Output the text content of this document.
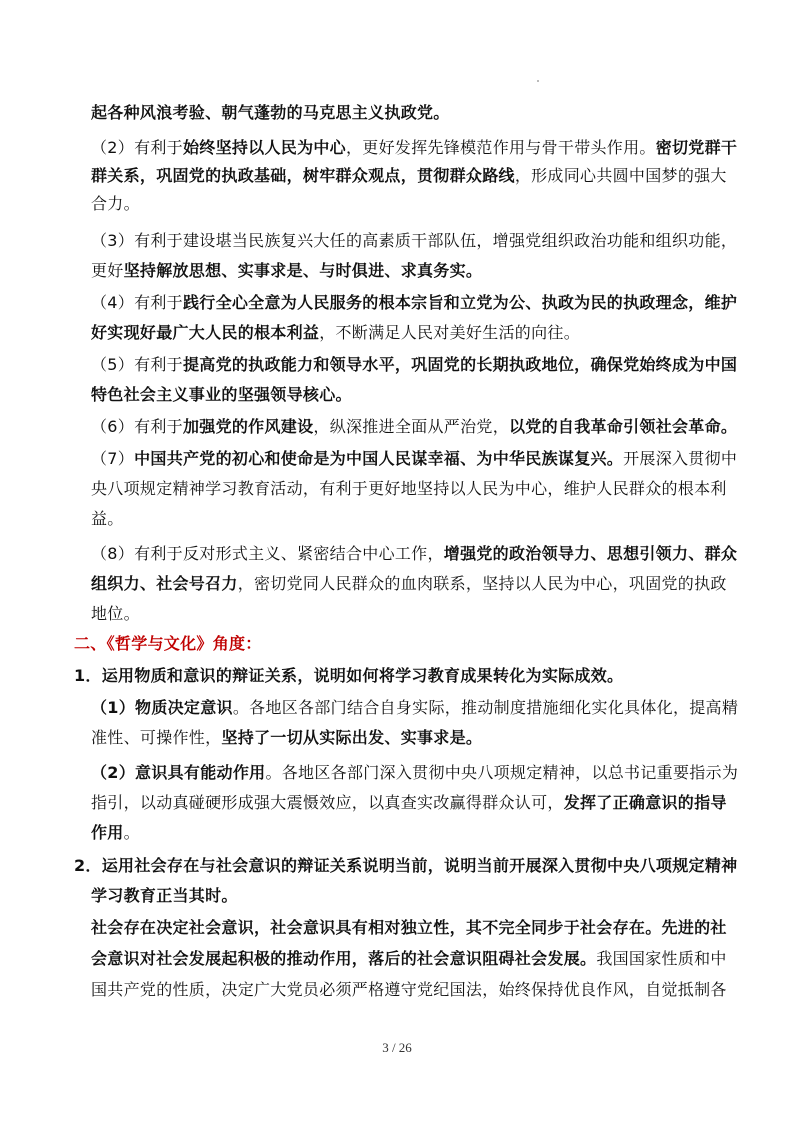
起各种风浪考验、朝气蓬勃的马克思主义执政党。
（2）有利于始终坚持以人民为中心，更好发挥先锋模范作用与骨干带头作用。密切党群干
群关系，巩固党的执政基础，树牢群众观点，贯彻群众路线，形成同心共圆中国梦的强大
合力。
（3）有利于建设堪当民族复兴大任的高素质干部队伍，增强党组织政治功能和组织功能，
更好坚持解放思想、实事求是、与时俱进、求真务实。
（4）有利于践行全心全意为人民服务的根本宗旨和立党为公、执政为民的执政理念，维护
好实现好最广大人民的根本利益，不断满足人民对美好生活的向往。
（5）有利于提高党的执政能力和领导水平，巩固党的长期执政地位，确保党始终成为中国
特色社会主义事业的坚强领导核心。
（6）有利于加强党的作风建设，纵深推进全面从严治党，以党的自我革命引领社会革命。
（7）中国共产党的初心和使命是为中国人民谋幸福、为中华民族谋复兴。开展深入贯彻中
央八项规定精神学习教育活动，有利于更好地坚持以人民为中心，维护人民群众的根本利
益。
（8）有利于反对形式主义、紧密结合中心工作，增强党的政治领导力、思想引领力、群众
组织力、社会号召力，密切党同人民群众的血肉联系，坚持以人民为中心，巩固党的执政
地位。
二、《哲学与文化》角度：
1．运用物质和意识的辩证关系，说明如何将学习教育成果转化为实际成效。
（1）物质决定意识。各地区各部门结合自身实际，推动制度措施细化实化具体化，提高精
准性、可操作性，坚持了一切从实际出发、实事求是。
（2）意识具有能动作用。各地区各部门深入贯彻中央八项规定精神，以总书记重要指示为
指引，以动真碰硬形成强大震慑效应，以真查实改赢得群众认可，发挥了正确意识的指导
作用。
2．运用社会存在与社会意识的辩证关系说明当前，说明当前开展深入贯彻中央八项规定精神
学习教育正当其时。
社会存在决定社会意识，社会意识具有相对独立性，其不完全同步于社会存在。先进的社
会意识对社会发展起积极的推动作用，落后的社会意识阻碍社会发展。我国国家性质和中
国共产党的性质，决定广大党员必须严格遵守党纪国法，始终保持优良作风，自觉抵制各
3 / 26
